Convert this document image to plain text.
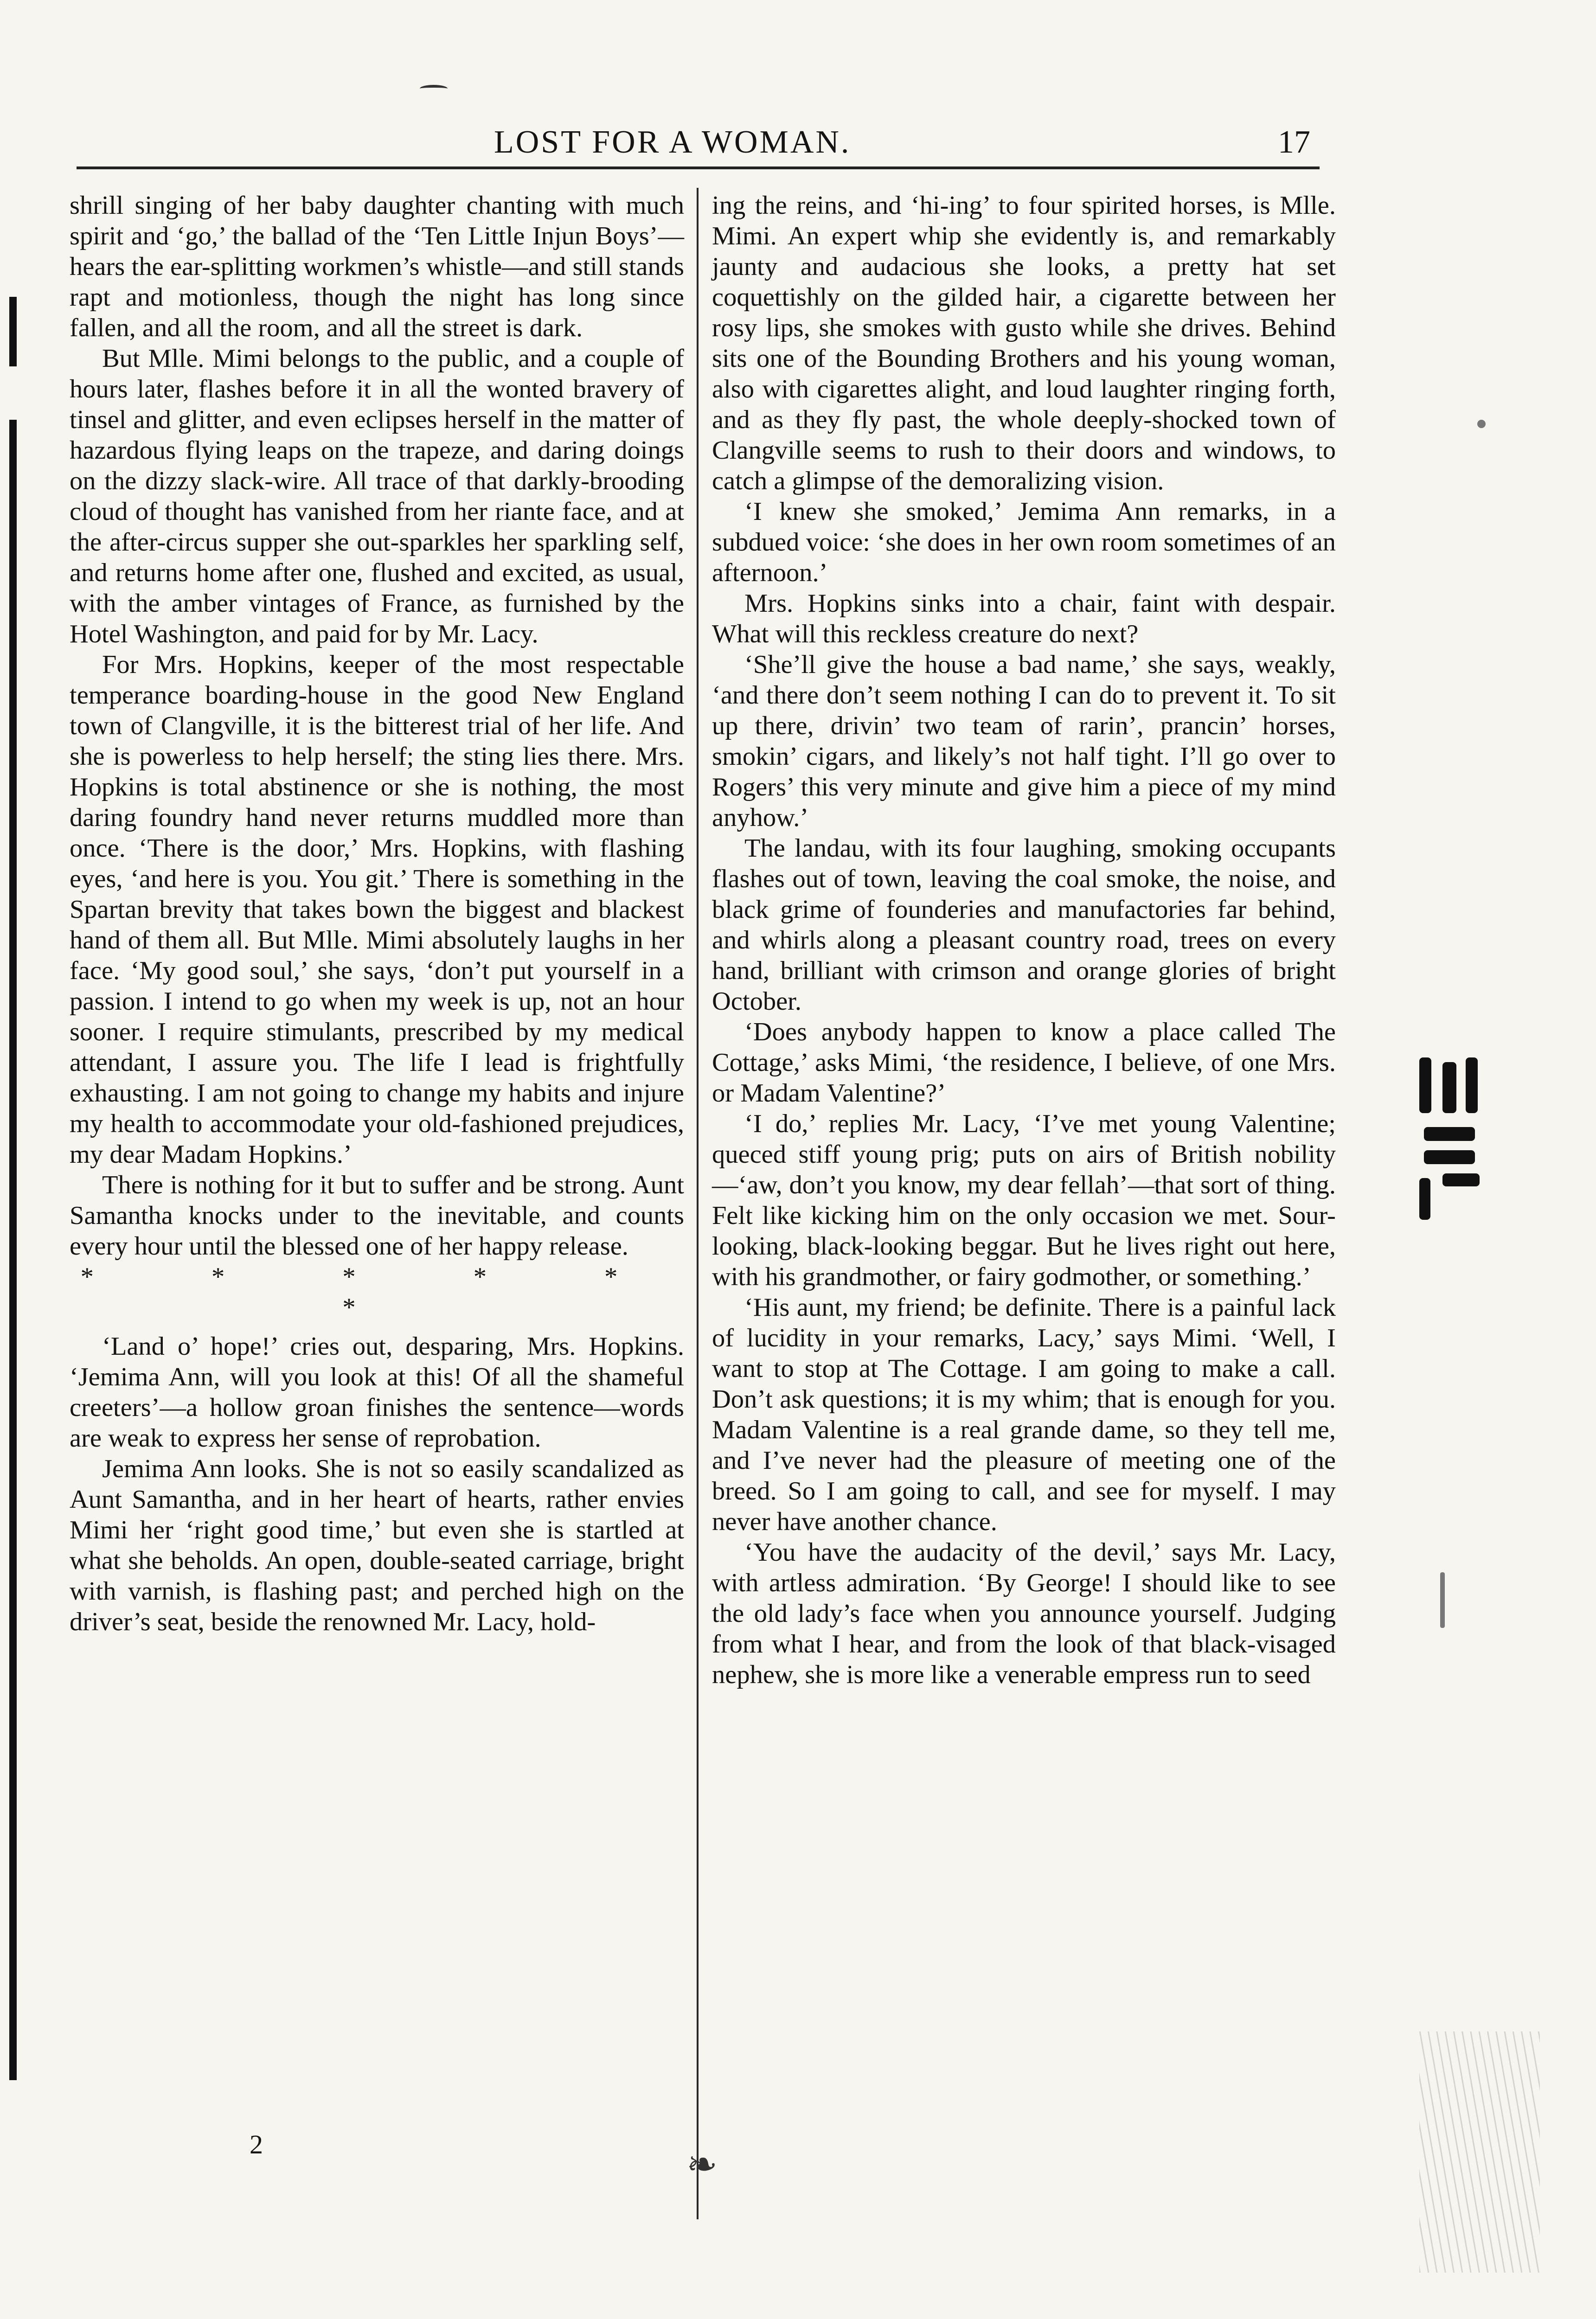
LOST FOR A WOMAN.	17

shrill singing of her baby daughter chanting with much spirit and ‘go,’ the ballad of the ‘Ten Little Injun Boys’—hears the ear-splitting workmen’s whistle—and still stands rapt and motionless, though the night has long since fallen, and all the room, and all the street is dark.

But Mlle. Mimi belongs to the public, and a couple of hours later, flashes before it in all the wonted bravery of tinsel and glitter, and even eclipses herself in the matter of hazardous flying leaps on the trapeze, and daring doings on the dizzy slack-wire. All trace of that darkly-brooding cloud of thought has vanished from her riante face, and at the after-circus supper she out-sparkles her sparkling self, and returns home after one, flushed and excited, as usual, with the amber vintages of France, as furnished by the Hotel Washington, and paid for by Mr. Lacy.

For Mrs. Hopkins, keeper of the most respectable temperance boarding-house in the good New England town of Clangville, it is the bitterest trial of her life. And she is powerless to help herself; the sting lies there. Mrs. Hopkins is total abstinence or she is nothing, the most daring foundry hand never returns muddled more than once. ‘There is the door,’ Mrs. Hopkins, with flashing eyes, ‘and here is you. You git.’ There is something in the Spartan brevity that takes bown the biggest and blackest hand of them all. But Mlle. Mimi absolutely laughs in her face. ‘My good soul,’ she says, ‘don’t put yourself in a passion. I intend to go when my week is up, not an hour sooner. I require stimulants, prescribed by my medical attendant, I assure you. The life I lead is frightfully exhausting. I am not going to change my habits and injure my health to accommodate your old-fashioned prejudices, my dear Madam Hopkins.’

There is nothing for it but to suffer and be strong. Aunt Samantha knocks under to the inevitable, and counts every hour until the blessed one of her happy release.

* * * * * *

‘Land o’ hope!’ cries out, desparing, Mrs. Hopkins. ‘Jemima Ann, will you look at this! Of all the shameful creeters’—a hollow groan finishes the sentence—words are weak to express her sense of reprobation.

Jemima Ann looks. She is not so easily scandalized as Aunt Samantha, and in her heart of hearts, rather envies Mimi her ‘right good time,’ but even she is startled at what she beholds. An open, double-seated carriage, bright with varnish, is flashing past; and perched high on the driver’s seat, beside the renowned Mr. Lacy, hold-

ing the reins, and ‘hi-ing’ to four spirited horses, is Mlle. Mimi. An expert whip she evidently is, and remarkably jaunty and audacious she looks, a pretty hat set coquettishly on the gilded hair, a cigarette between her rosy lips, she smokes with gusto while she drives. Behind sits one of the Bounding Brothers and his young woman, also with cigarettes alight, and loud laughter ringing forth, and as they fly past, the whole deeply-shocked town of Clangville seems to rush to their doors and windows, to catch a glimpse of the demoralizing vision.

‘I knew she smoked,’ Jemima Ann remarks, in a subdued voice: ‘she does in her own room sometimes of an afternoon.’

Mrs. Hopkins sinks into a chair, faint with despair. What will this reckless creature do next?

‘She’ll give the house a bad name,’ she says, weakly, ‘and there don’t seem nothing I can do to prevent it. To sit up there, drivin’ two team of rarin’, prancin’ horses, smokin’ cigars, and likely’s not half tight. I’ll go over to Rogers’ this very minute and give him a piece of my mind anyhow.’

The landau, with its four laughing, smoking occupants flashes out of town, leaving the coal smoke, the noise, and black grime of founderies and manufactories far behind, and whirls along a pleasant country road, trees on every hand, brilliant with crimson and orange glories of bright October.

‘Does anybody happen to know a place called The Cottage,’ asks Mimi, ‘the residence, I believe, of one Mrs. or Madam Valentine?’

‘I do,’ replies Mr. Lacy, ‘I’ve met young Valentine; queced stiff young prig; puts on airs of British nobility—‘aw, don’t you know, my dear fellah’—that sort of thing. Felt like kicking him on the only occasion we met. Sour-looking, black-looking beggar. But he lives right out here, with his grandmother, or fairy godmother, or something.’

‘His aunt, my friend; be definite. There is a painful lack of lucidity in your remarks, Lacy,’ says Mimi. ‘Well, I want to stop at The Cottage. I am going to make a call. Don’t ask questions; it is my whim; that is enough for you. Madam Valentine is a real grande dame, so they tell me, and I’ve never had the pleasure of meeting one of the breed. So I am going to call, and see for myself. I may never have another chance.

‘You have the audacity of the devil,’ says Mr. Lacy, with artless admiration. ‘By George! I should like to see the old lady’s face when you announce yourself. Judging from what I hear, and from the look of that black-visaged nephew, she is more like a venerable empress run to seed

2
❧
